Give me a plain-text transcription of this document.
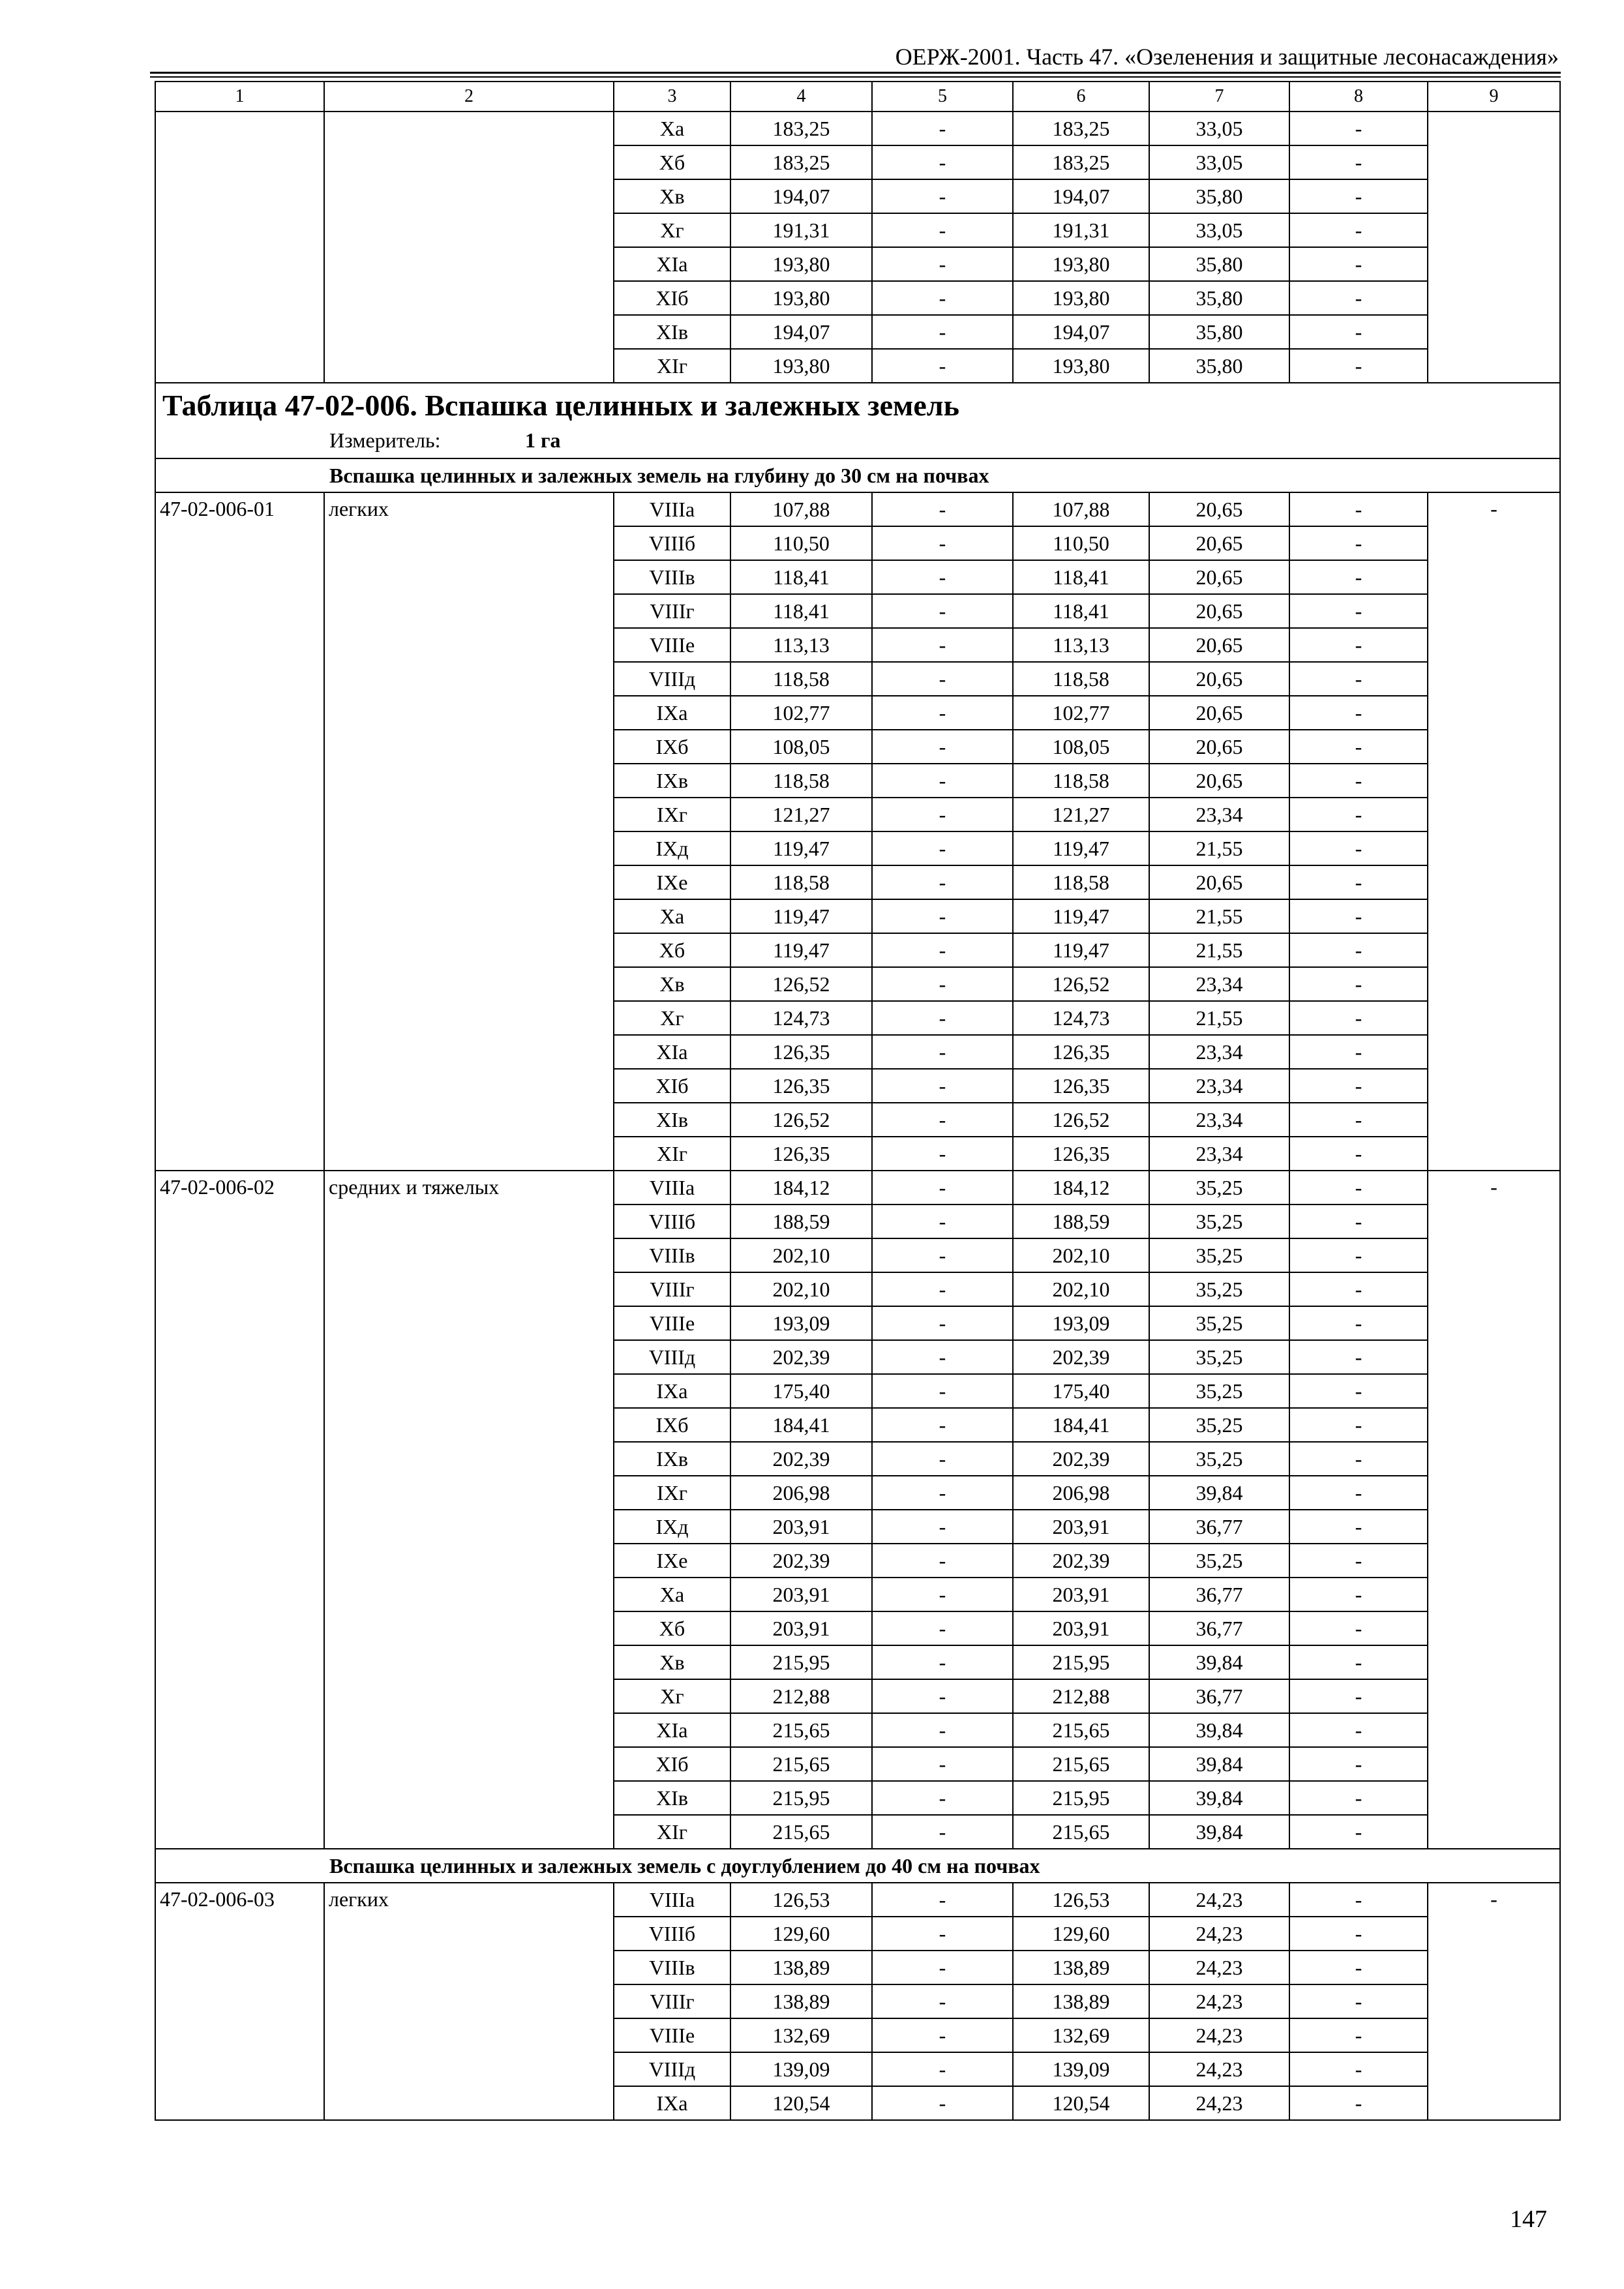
ОЕРЖ-2001. Часть 47. «Озеленения и защитные лесонасаждения»
1	2	3	4	5	6	7	8	9
		Xа	183,25	-	183,25	33,05	-	
		Xб	183,25	-	183,25	33,05	-	
		Xв	194,07	-	194,07	35,80	-	
		Xг	191,31	-	191,31	33,05	-	
		XIа	193,80	-	193,80	35,80	-	
		XIб	193,80	-	193,80	35,80	-	
		XIв	194,07	-	194,07	35,80	-	
		XIг	193,80	-	193,80	35,80	-	

Таблица 47-02-006. Вспашка целинных и залежных земель
Измеритель: 1 га								

Вспашка целинных и залежных земель на глубину до 30 см на почвах								
47-02-006-01	легких	VIIIа	107,88	-	107,88	20,65	-	-
		VIIIб	110,50	-	110,50	20,65	-	
		VIIIв	118,41	-	118,41	20,65	-	
		VIIIг	118,41	-	118,41	20,65	-	
		VIIIе	113,13	-	113,13	20,65	-	
		VIIIд	118,58	-	118,58	20,65	-	
		IXа	102,77	-	102,77	20,65	-	
		IXб	108,05	-	108,05	20,65	-	
		IXв	118,58	-	118,58	20,65	-	
		IXг	121,27	-	121,27	23,34	-	
		IXд	119,47	-	119,47	21,55	-	
		IXе	118,58	-	118,58	20,65	-	
		Xа	119,47	-	119,47	21,55	-	
		Xб	119,47	-	119,47	21,55	-	
		Xв	126,52	-	126,52	23,34	-	
		Xг	124,73	-	124,73	21,55	-	
		XIа	126,35	-	126,35	23,34	-	
		XIб	126,35	-	126,35	23,34	-	
		XIв	126,52	-	126,52	23,34	-	
		XIг	126,35	-	126,35	23,34	-	
47-02-006-02	средних и тяжелых	VIIIа	184,12	-	184,12	35,25	-	-
		VIIIб	188,59	-	188,59	35,25	-	
		VIIIв	202,10	-	202,10	35,25	-	
		VIIIг	202,10	-	202,10	35,25	-	
		VIIIе	193,09	-	193,09	35,25	-	
		VIIIд	202,39	-	202,39	35,25	-	
		IXа	175,40	-	175,40	35,25	-	
		IXб	184,41	-	184,41	35,25	-	
		IXв	202,39	-	202,39	35,25	-	
		IXг	206,98	-	206,98	39,84	-	
		IXд	203,91	-	203,91	36,77	-	
		IXе	202,39	-	202,39	35,25	-	
		Xа	203,91	-	203,91	36,77	-	
		Xб	203,91	-	203,91	36,77	-	
		Xв	215,95	-	215,95	39,84	-	
		Xг	212,88	-	212,88	36,77	-	
		XIа	215,65	-	215,65	39,84	-	
		XIб	215,65	-	215,65	39,84	-	
		XIв	215,95	-	215,95	39,84	-	
		XIг	215,65	-	215,65	39,84	-	
Вспашка целинных и залежных земель с доуглублением до 40 см на почвах								
47-02-006-03	легких	VIIIа	126,53	-	126,53	24,23	-	-
		VIIIб	129,60	-	129,60	24,23	-	
		VIIIв	138,89	-	138,89	24,23	-	
		VIIIг	138,89	-	138,89	24,23	-	
		VIIIе	132,69	-	132,69	24,23	-	
		VIIIд	139,09	-	139,09	24,23	-	
		IXа	120,54	-	120,54	24,23	-	
147
